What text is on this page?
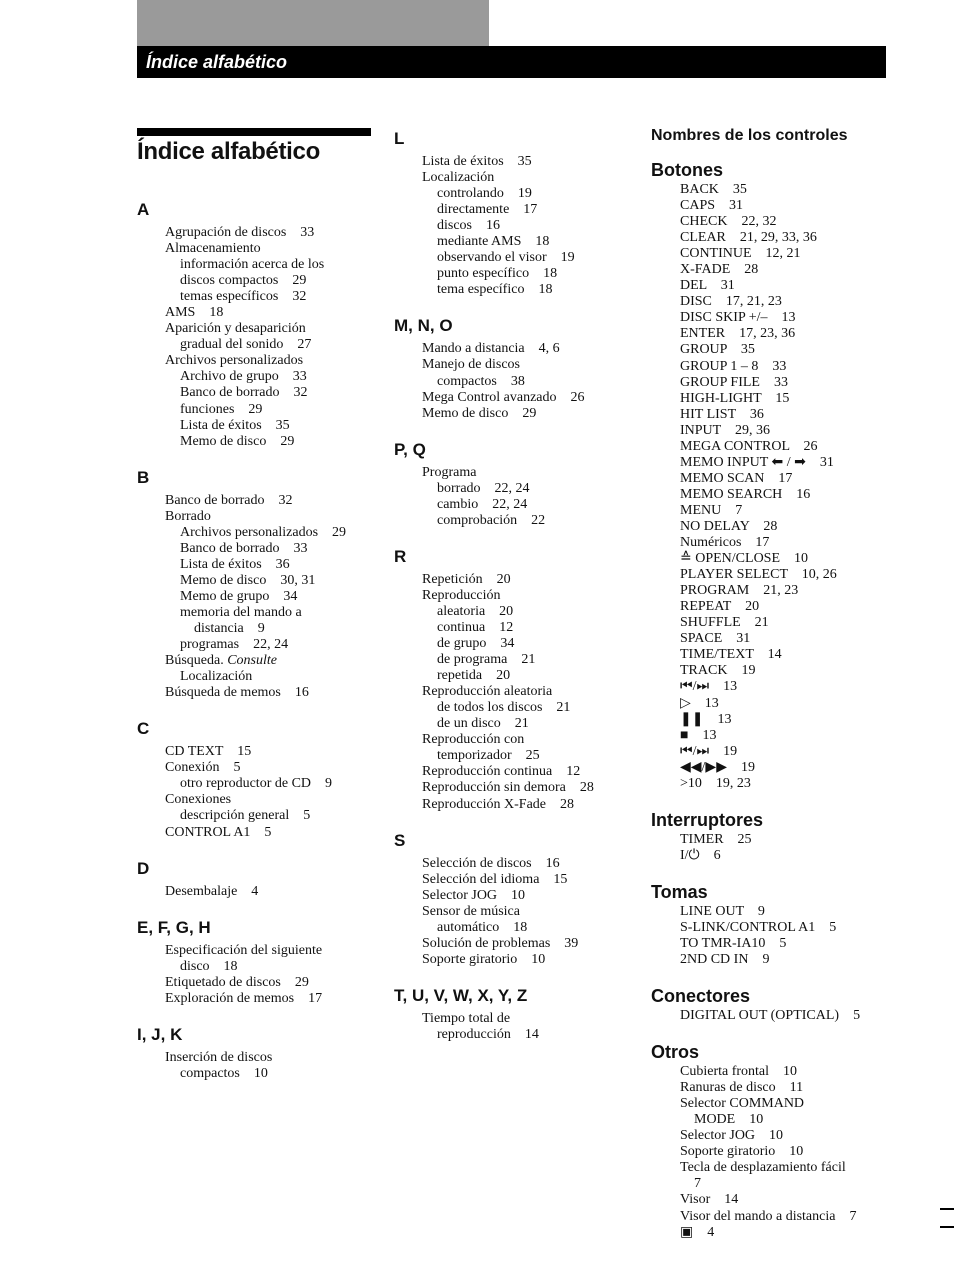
Índice alfabético
Índice alfabético
A
Agrupación de discos    33
Almacenamiento
información acerca de los
discos compactos    29
temas específicos    32
AMS    18
Aparición y desaparición
gradual del sonido    27
Archivos personalizados
Archivo de grupo    33
Banco de borrado    32
funciones    29
Lista de éxitos    35
Memo de disco    29
B
Banco de borrado    32
Borrado
Archivos personalizados    29
Banco de borrado    33
Lista de éxitos    36
Memo de disco    30, 31
Memo de grupo    34
memoria del mando a
distancia    9
programas    22, 24
Búsqueda. Consulte
Localización
Búsqueda de memos    16
C
CD TEXT    15
Conexión    5
otro reproductor de CD    9
Conexiones
descripción general    5
CONTROL A1    5
D
Desembalaje    4
E, F, G, H
Especificación del siguiente
disco    18
Etiquetado de discos    29
Exploración de memos    17
I, J, K
Inserción de discos
compactos    10
L
Lista de éxitos    35
Localización
controlando    19
directamente    17
discos    16
mediante AMS    18
observando el visor    19
punto específico    18
tema específico    18
M, N, O
Mando a distancia    4, 6
Manejo de discos
compactos    38
Mega Control avanzado    26
Memo de disco    29
P, Q
Programa
borrado    22, 24
cambio    22, 24
comprobación    22
R
Repetición    20
Reproducción
aleatoria    20
continua    12
de grupo    34
de programa    21
repetida    20
Reproducción aleatoria
de todos los discos    21
de un disco    21
Reproducción con
temporizador    25
Reproducción continua    12
Reproducción sin demora    28
Reproducción X-Fade    28
S
Selección de discos    16
Selección del idioma    15
Selector JOG    10
Sensor de música
automático    18
Solución de problemas    39
Soporte giratorio    10
T, U, V, W, X, Y, Z
Tiempo total de
reproducción    14
Nombres de los controles
Botones
BACK    35
CAPS    31
CHECK    22, 32
CLEAR    21, 29, 33, 36
CONTINUE    12, 21
X-FADE    28
DEL    31
DISC    17, 21, 23
DISC SKIP +/–    13
ENTER    17, 23, 36
GROUP    35
GROUP 1 – 8    33
GROUP FILE    33
HIGH-LIGHT    15
HIT LIST    36
INPUT    29, 36
MEGA CONTROL    26
MEMO INPUT ⬅ / ➡    31
MEMO SCAN    17
MEMO SEARCH    16
MENU    7
NO DELAY    28
Numéricos    17
≙ OPEN/CLOSE    10
PLAYER SELECT    10, 26
PROGRAM    21, 23
REPEAT    20
SHUFFLE    21
SPACE    31
TIME/TEXT    14
TRACK    19
⏮/⏭    13
▷    13
❚❚    13
■    13
⏮/⏭    19
◀◀/▶▶    19
>10    19, 23
Interruptores
TIMER    25
I/⏻    6
Tomas
LINE OUT    9
S-LINK/CONTROL A1    5
TO TMR-IA10    5
2ND CD IN    9
Conectores
DIGITAL OUT (OPTICAL)    5
Otros
Cubierta frontal    10
Ranuras de disco    11
Selector COMMAND
MODE    10
Selector JOG    10
Soporte giratorio    10
Tecla de desplazamiento fácil
7
Visor    14
Visor del mando a distancia    7
▣    4
